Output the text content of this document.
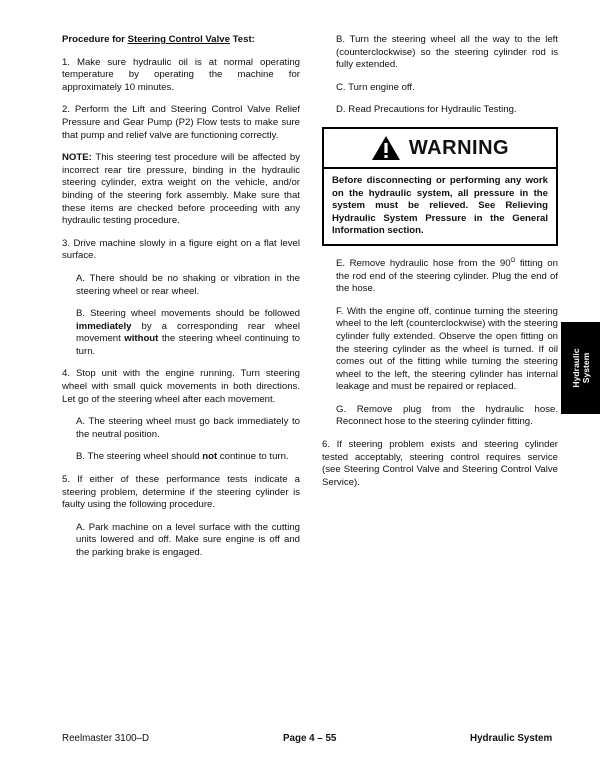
Procedure for Steering Control Valve Test:

1. Make sure hydraulic oil is at normal operating temperature by operating the machine for approximately 10 minutes.

2. Perform the Lift and Steering Control Valve Relief Pressure and Gear Pump (P2) Flow tests to make sure that pump and relief valve are functioning correctly.

NOTE: This steering test procedure will be affected by incorrect rear tire pressure, binding in the hydraulic steering cylinder, extra weight on the vehicle, and/or binding of the steering fork assembly. Make sure that these items are checked before proceeding with any hydraulic testing procedure.

3. Drive machine slowly in a figure eight on a flat level surface.

A. There should be no shaking or vibration in the steering wheel or rear wheel.

B. Steering wheel movements should be followed immediately by a corresponding rear wheel movement without the steering wheel continuing to turn.

4. Stop unit with the engine running. Turn steering wheel with small quick movements in both directions. Let go of the steering wheel after each movement.

A. The steering wheel must go back immediately to the neutral position.

B. The steering wheel should not continue to turn.

5. If either of these performance tests indicate a steering problem, determine if the steering cylinder is faulty using the following procedure.

A. Park machine on a level surface with the cutting units lowered and off. Make sure engine is off and the parking brake is engaged.

B. Turn the steering wheel all the way to the left (counterclockwise) so the steering cylinder rod is fully extended.

C. Turn engine off.

D. Read Precautions for Hydraulic Testing.

WARNING
Before disconnecting or performing any work on the hydraulic system, all pressure in the system must be relieved. See Relieving Hydraulic System Pressure in the General Information section.

E. Remove hydraulic hose from the $90^O$ fitting on the rod end of the steering cylinder. Plug the end of the hose.

F. With the engine off, continue turning the steering wheel to the left (counterclockwise) with the steering cylinder fully extended. Observe the open fitting on the steering cylinder as the wheel is turned. If oil comes out of the fitting while turning the steering wheel to the left, the steering cylinder has internal leakage and must be repaired or replaced.

G. Remove plug from the hydraulic hose. Reconnect hose to the steering cylinder fitting.

6. If steering problem exists and steering cylinder tested acceptably, steering control requires service (see Steering Control Valve and Steering Control Valve Service).

Hydraulic System
Reelmaster 3100–D	Page 4 – 55	Hydraulic System
